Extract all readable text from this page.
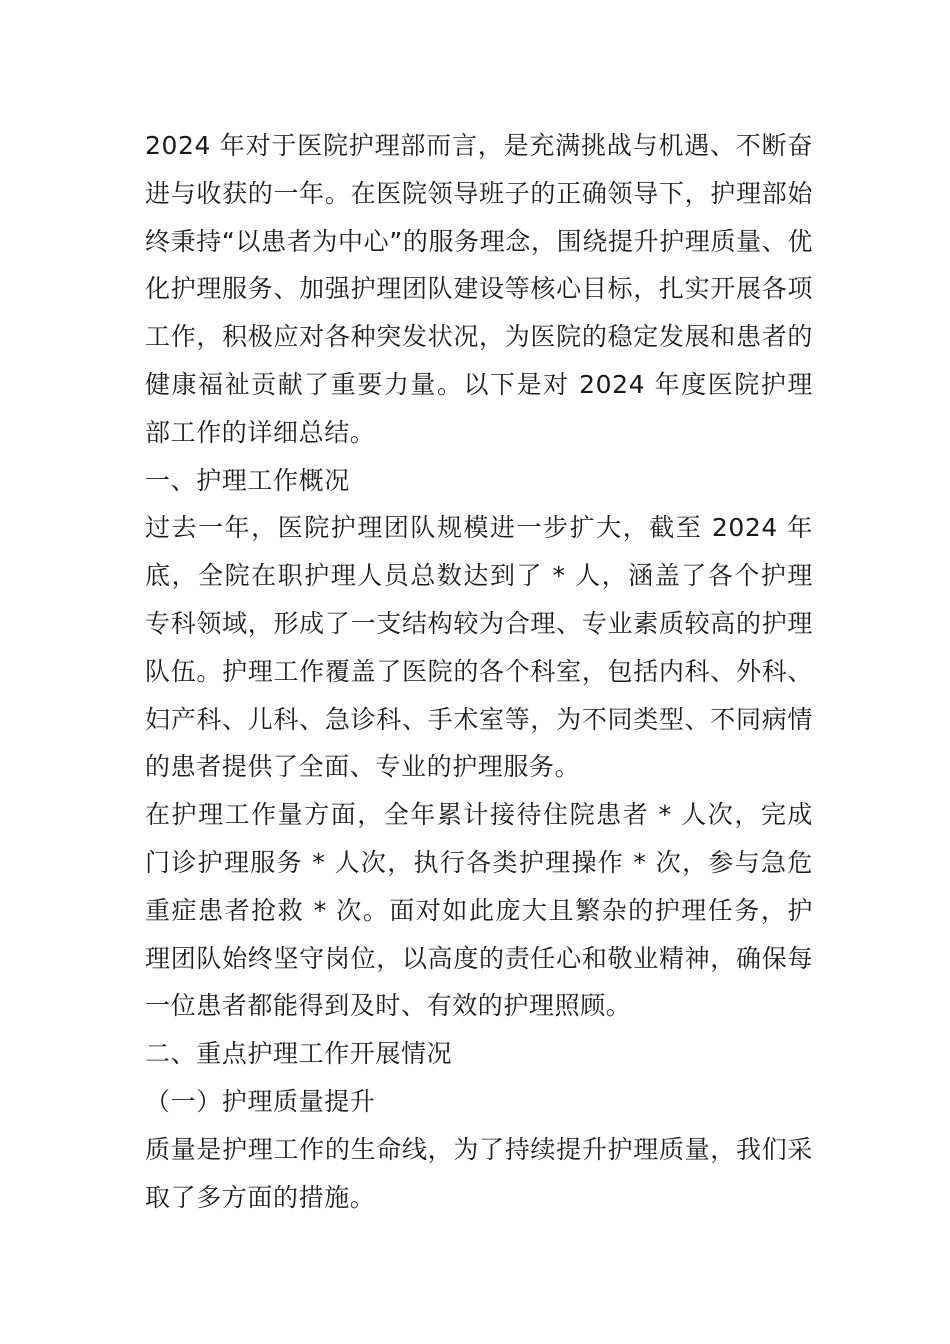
2024 年对于医院护理部而言，是充满挑战与机遇、不断奋进与收获的一年。在医院领导班子的正确领导下，护理部始终秉持“以患者为中心”的服务理念，围绕提升护理质量、优化护理服务、加强护理团队建设等核心目标，扎实开展各项工作，积极应对各种突发状况，为医院的稳定发展和患者的健康福祉贡献了重要力量。以下是对 2024 年度医院护理部工作的详细总结。

一、护理工作概况

过去一年，医院护理团队规模进一步扩大，截至 2024 年底，全院在职护理人员总数达到了 * 人，涵盖了各个护理专科领域，形成了一支结构较为合理、专业素质较高的护理队伍。护理工作覆盖了医院的各个科室，包括内科、外科、妇产科、儿科、急诊科、手术室等，为不同类型、不同病情的患者提供了全面、专业的护理服务。

在护理工作量方面，全年累计接待住院患者 * 人次，完成门诊护理服务 * 人次，执行各类护理操作 * 次，参与急危重症患者抢救 * 次。面对如此庞大且繁杂的护理任务，护理团队始终坚守岗位，以高度的责任心和敬业精神，确保每一位患者都能得到及时、有效的护理照顾。

二、重点护理工作开展情况

（一）护理质量提升

质量是护理工作的生命线，为了持续提升护理质量，我们采取了多方面的措施。
